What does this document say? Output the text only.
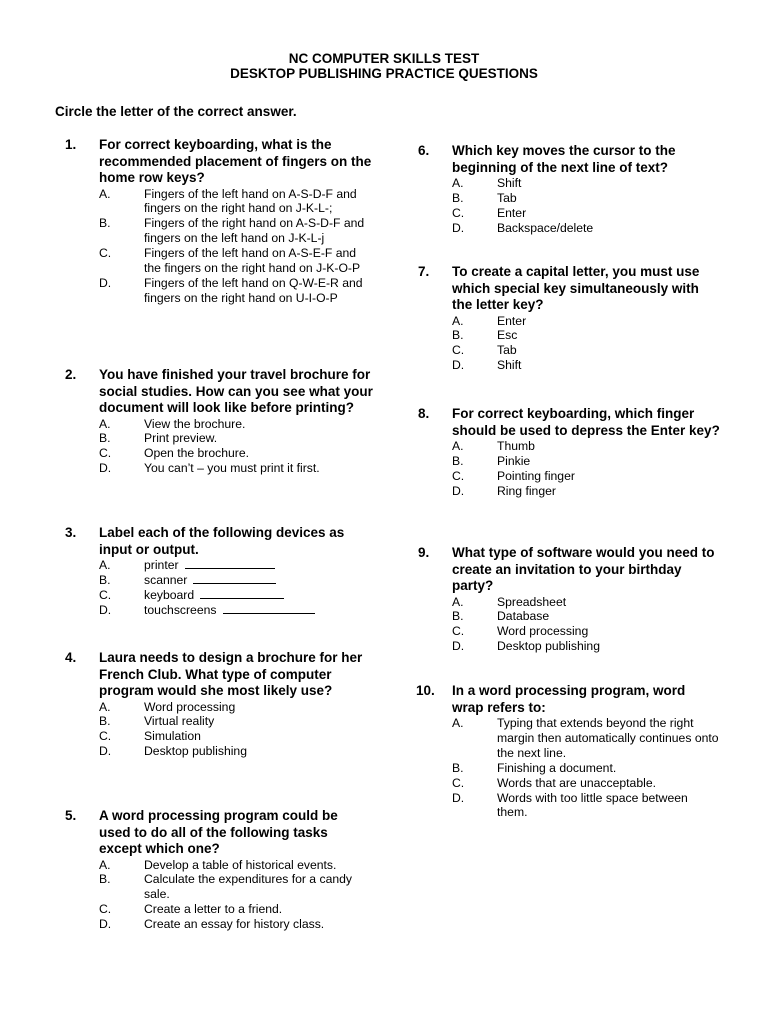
NC COMPUTER SKILLS TEST
DESKTOP PUBLISHING PRACTICE QUESTIONS
Circle the letter of the correct answer.
1. For correct keyboarding, what is the recommended placement of fingers on the home row keys?
A.	Fingers of the left hand on A-S-D-F and fingers on the right hand on J-K-L-;
B.	Fingers of the right hand on A-S-D-F and fingers on the left hand on J-K-L-j
C.	Fingers of the left hand on A-S-E-F and the fingers on the right hand on J-K-O-P
D.	Fingers of the left hand on Q-W-E-R and fingers on the right hand on U-I-O-P
2. You have finished your travel brochure for social studies. How can you see what your document will look like before printing?
A.	View the brochure.
B.	Print preview.
C.	Open the brochure.
D.	You can’t – you must print it first.
3. Label each of the following devices as input or output.
A.	printer
B.	scanner
C.	keyboard
D.	touchscreens
4. Laura needs to design a brochure for her French Club. What type of computer program would she most likely use?
A.	Word processing
B.	Virtual reality
C.	Simulation
D.	Desktop publishing
5. A word processing program could be used to do all of the following tasks except which one?
A.	Develop a table of historical events.
B.	Calculate the expenditures for a candy sale.
C.	Create a letter to a friend.
D.	Create an essay for history class.
6. Which key moves the cursor to the beginning of the next line of text?
A.	Shift
B.	Tab
C.	Enter
D.	Backspace/delete
7. To create a capital letter, you must use which special key simultaneously with the letter key?
A.	Enter
B.	Esc
C.	Tab
D.	Shift
8. For correct keyboarding, which finger should be used to depress the Enter key?
A.	Thumb
B.	Pinkie
C.	Pointing finger
D.	Ring finger
9. What type of software would you need to create an invitation to your birthday party?
A.	Spreadsheet
B.	Database
C.	Word processing
D.	Desktop publishing
10. In a word processing program, word wrap refers to:
A.	Typing that extends beyond the right margin then automatically continues onto the next line.
B.	Finishing a document.
C.	Words that are unacceptable.
D.	Words with too little space between them.
